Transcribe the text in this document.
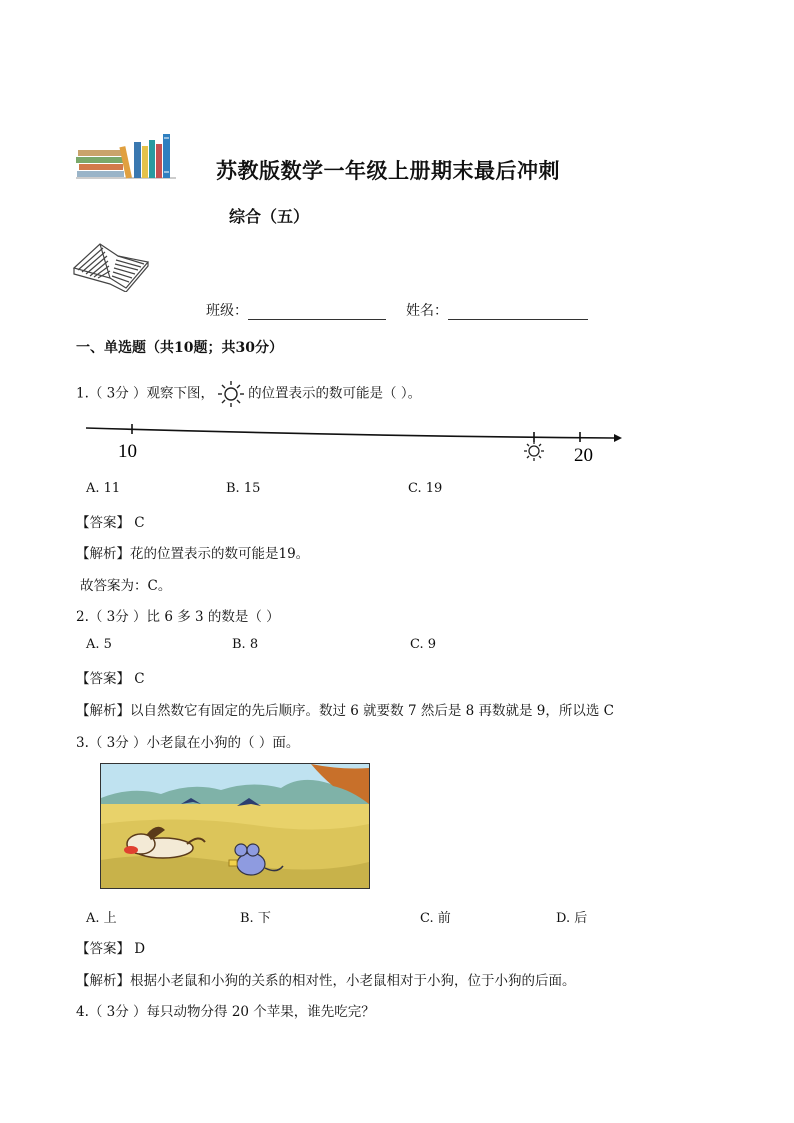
苏教版数学一年级上册期末最后冲刺
综合（五）
班级：	姓名：
一、单选题（共10题；共30分）
1.（ 3分 ）观察下图，	的位置表示的数可能是（ ）。
10	20
A. 11	B. 15	C. 19
【答案】 C
【解析】花的位置表示的数可能是19。
故答案为：C。
2.（ 3分 ）比 6 多 3 的数是（ ）
A. 5	B. 8	C. 9
【答案】 C
【解析】以自然数它有固定的先后顺序。数过 6 就要数 7 然后是 8 再数就是 9，所以选 C
3.（ 3分 ）小老鼠在小狗的（ ）面。
A. 上	B. 下	C. 前	D. 后
【答案】 D
【解析】根据小老鼠和小狗的关系的相对性，小老鼠相对于小狗，位于小狗的后面。
4.（ 3分 ）每只动物分得 20 个苹果，谁先吃完？
